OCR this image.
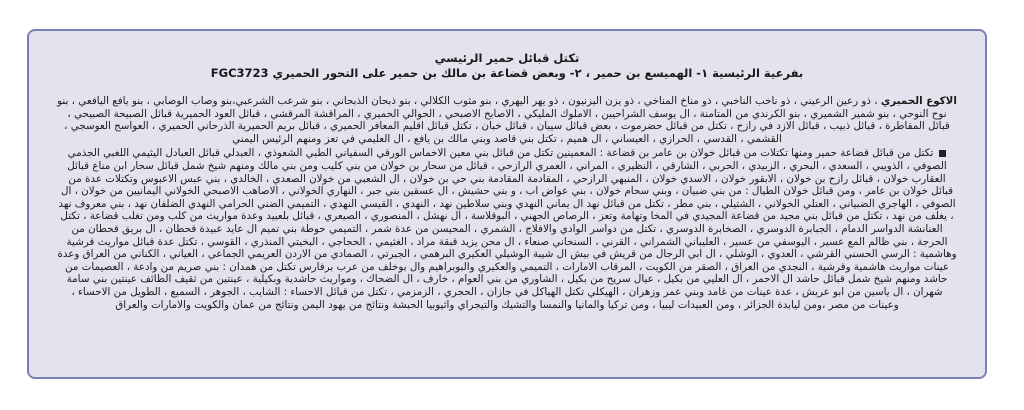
تكتل قبائل حمير الرئيسي
بفرعية الرئيسية ١- الهميسع بن حمير ، ٢- وبعض قضاعة بن مالك بن حمير على التحور الحميري FGC3723

الاكوع الحميري ، ذو رعين الرعيني ، ذو ناخب الناخبي ، ذو مناخ المناخي ، ذو يزن اليزنيون ، ذو يهر اليهري ، بنو مثوب الكلالي ، بنو ذبحان الذبحاني ، بنو شرعب الشرعبي،بنو وصاب الوصابي ، بنو يافع اليافعي ، بنو نوح النوحي ، بنو شمير الشميري ، بنو الكرندي من المتامنة ، ال يوسف الشراحيبن ، الاملوك المليكي ، الاصابح الاصبحي ، الحوالي الحميري ، المراقشة المرقشي ، قبائل العود الحميرية قبائل الصبيحة الصبيحي ، قبائل المقاطرة ، قبائل ذبيب ، قبائل الازد في رازح ، تكتل من قبائل حضرموت ، بعض قبائل سيبان ، قبائل خبان ، تكتل قبائل اقليم المعافر الحميري ، قبائل بريم الحميرية الذرحاني الحميري ، العواسج العوسجي ، القشمي ، القدسي ، الحرازي ، العيساني ، ال هميم ، تكتل بني قاصد وبني مالك بن يافع ، ال العليمي في تعز ومنهم الرئيس اليمني

تكتل من قبائل قضاعة حمير ومنها تكتلات من قبائل خولان بن عامر بن قضاعة : المعمينين تكتل من قبائل بني معين الاخماس الورقي السفياني الطبي الشعوذي ، العبدلي قبائل العبادل اليثيمي اللغبي الجذمي الصوفي ، الذويبي ، السعدي ، البحري ، الزبيدي ، الحربي ، الشارقي ، النظيري ، المراني ، العمري الرازحي ، قبائل من سحار بن خولان من بني كليب ومن بني مالك ومنهم شيخ شمل قبائل سحار ابن مناع قبائل العقارب خولان ، قبائل رازح بن خولان ، الابقور خولان ، الاسدي خولان ، المنبهي الرازحي ، المقادمة المقادمة بني حي بن خولان ، ال الشعبي من خولان الصعدي ، الخالدي ، بني عبس الاعبوس وتكتلات عدة من قبائل خولان بن عامر ، ومن قبائل خولان الطيال : من بني ضبيان ، وبني سحام خولان ، بني عواض اب ، و بني حشيش ، ال عسقين بني جبر ، النهاري الخولاني ، الاصاهب الاصبحي الخولاني اليمانيين من خولان ، ال الصوفي ، الهاجري الضبياني ، العتلي الخولاني ، الشتيلي ، بني مطر ، تكتل من قبائل نهد ال يماني النهدي وبني سلاطين نهد ، النهدي ، القيسي النهدي ، التميمي الضني الحرامي النهدي الضلفان نهد ، بني معروف نهد ، يغلف من نهد ، تكتل من قبائل بني مجيد من قضاعة المجيدي في المخا وتهامة وتعز ، الرصاص الجهني ، البوقلاسة ، ال نهشل ، المنصوري ، الصيعري ، قبائل بلعبيد وعدة مواريث من كلب ومن تغلب قضاعة ، تكتل العنانشة الدواسر الدمام ، الجبابرة الدوسري ، الصخابرة الدوسري ، تكتل من دواسر الوادي والافلاج ، الشمري ، المحيسن من عدة شمر ، التميمي حوطة بني تميم ال عايد عبيدة قحطان ، ال بريق قحطان من الحرجة ، بني ظالم المع عسير ، اليوسفي من عسير ، العليباني الشمراني ، القرني ، السنحاني صنعاء ، ال محن يزيد قبقة مراد ، الغثيمي ، الحجاجي ، البخيتي المنذري ، القوسي ، تكتل عدة قبائل مواريث قرشية وهاشمية : الرسي الحسني القرشي ، العدوي ، الوشلي ، ال ابي الرجال من قريش في بيش ال شيبة الوشيلي العكيري البرهمي ، الجبرتي ، الصمادي من الاردن العريمي الجماعي ، العياني ، الكناني من العراق وعدة عينات مواريث هاشمية وقرشية ، النجدي من العراق ، الصقر من الكويت ، المرقاب الامارات ، التميمي والعكيري والبوبراهيم وال بوخلف من عرب برفارس تكتل من همدان : بني صريم من وادعة ، العصيمات من حاشد ومنهم شيخ شمل قبائل حاشد ال الاحمر ، ال العليي من بكيل ، عيال سريح من بكيل ، الشاوري من بني العوام ، خارف ، ال الضحاك ، ومواريث حاشدية وبكيلية ، عينتين من ثقيف الطائف عينتين بني سامة شهران ، ال ياسين من ابو عريش ، عدة عينات من غامد وبني عمر وزهران ، الهيكلي تكتل الهياكل في جازان ، الحجري ، الزمزمي ، تكتل من قبائل الاحساء : الشايب ، الجوهر ، السميع ، الطويل من الاحساء ، وعينات من مصر ،ومن ليابدة الجزائر ، ومن العبيدات ليبيا ، ومن تركيا والمانيا والنمسا والتشيك والتيجراي واثيوبيا الحبشة ونتائج من يهود اليمن ونتائج من عمان والكويت والامارات والعراق
